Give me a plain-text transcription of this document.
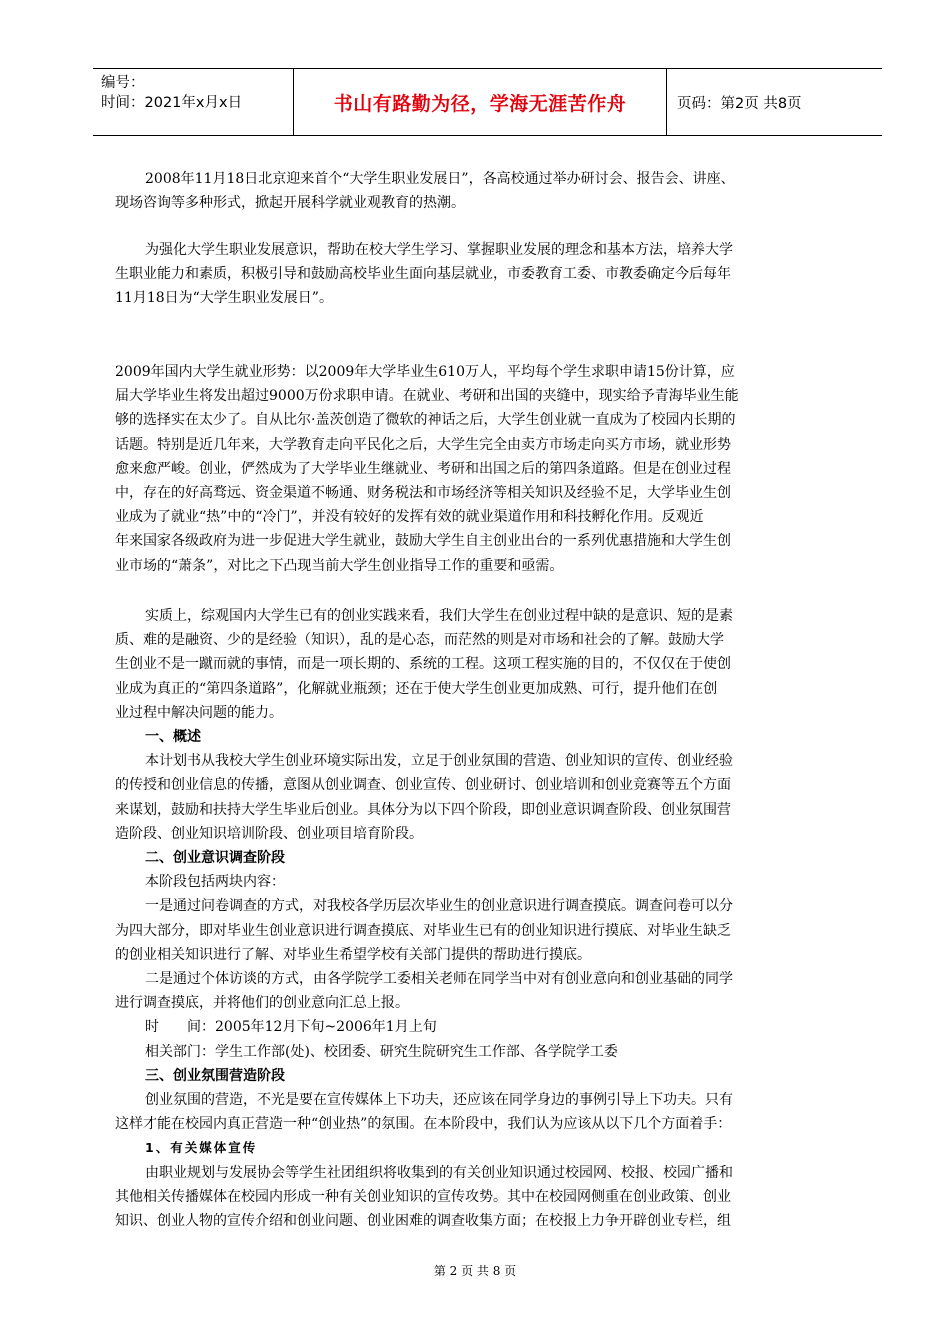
编号：
时间：2021年x月x日	书山有路勤为径，学海无涯苦作舟	页码：第2页 共8页

2008年11月18日北京迎来首个“大学生职业发展日”，各高校通过举办研讨会、报告会、讲座、

现场咨询等多种形式，掀起开展科学就业观教育的热潮。

为强化大学生职业发展意识，帮助在校大学生学习、掌握职业发展的理念和基本方法，培养大学

生职业能力和素质，积极引导和鼓励高校毕业生面向基层就业，市委教育工委、市教委确定今后每年

11月18日为“大学生职业发展日”。

2009年国内大学生就业形势：以2009年大学毕业生610万人，平均每个学生求职申请15份计算，应

届大学毕业生将发出超过9000万份求职申请。在就业、考研和出国的夹缝中，现实给予青海毕业生能

够的选择实在太少了。自从比尔·盖茨创造了微软的神话之后，大学生创业就一直成为了校园内长期的

话题。特别是近几年来，大学教育走向平民化之后，大学生完全由卖方市场走向买方市场，就业形势

愈来愈严峻。创业，俨然成为了大学毕业生继就业、考研和出国之后的第四条道路。但是在创业过程

中，存在的好高骛远、资金渠道不畅通、财务税法和市场经济等相关知识及经验不足，大学毕业生创

业成为了就业“热”中的“冷门”，并没有较好的发挥有效的就业渠道作用和科技孵化作用。反观近

年来国家各级政府为进一步促进大学生就业，鼓励大学生自主创业出台的一系列优惠措施和大学生创

业市场的“萧条”，对比之下凸现当前大学生创业指导工作的重要和亟需。

实质上，综观国内大学生已有的创业实践来看，我们大学生在创业过程中缺的是意识、短的是素

质、难的是融资、少的是经验（知识），乱的是心态，而茫然的则是对市场和社会的了解。鼓励大学

生创业不是一蹴而就的事情，而是一项长期的、系统的工程。这项工程实施的目的，不仅仅在于使创

业成为真正的“第四条道路”，化解就业瓶颈；还在于使大学生创业更加成熟、可行，提升他们在创

业过程中解决问题的能力。

一、概述

本计划书从我校大学生创业环境实际出发，立足于创业氛围的营造、创业知识的宣传、创业经验

的传授和创业信息的传播，意图从创业调查、创业宣传、创业研讨、创业培训和创业竞赛等五个方面

来谋划，鼓励和扶持大学生毕业后创业。具体分为以下四个阶段，即创业意识调查阶段、创业氛围营

造阶段、创业知识培训阶段、创业项目培育阶段。

二、创业意识调查阶段

本阶段包括两块内容：

一是通过问卷调查的方式，对我校各学历层次毕业生的创业意识进行调查摸底。调查问卷可以分

为四大部分，即对毕业生创业意识进行调查摸底、对毕业生已有的创业知识进行摸底、对毕业生缺乏

的创业相关知识进行了解、对毕业生希望学校有关部门提供的帮助进行摸底。

二是通过个体访谈的方式，由各学院学工委相关老师在同学当中对有创业意向和创业基础的同学

进行调查摸底，并将他们的创业意向汇总上报。

时　　间：2005年12月下旬~2006年1月上旬

相关部门：学生工作部(处)、校团委、研究生院研究生工作部、各学院学工委

三、创业氛围营造阶段

创业氛围的营造，不光是要在宣传媒体上下功夫，还应该在同学身边的事例引导上下功夫。只有

这样才能在校园内真正营造一种“创业热”的氛围。在本阶段中，我们认为应该从以下几个方面着手：

1、有关媒体宣传

由职业规划与发展协会等学生社团组织将收集到的有关创业知识通过校园网、校报、校园广播和

其他相关传播媒体在校园内形成一种有关创业知识的宣传攻势。其中在校园网侧重在创业政策、创业

知识、创业人物的宣传介绍和创业问题、创业困难的调查收集方面；在校报上力争开辟创业专栏，组

第 2 页 共 8 页
